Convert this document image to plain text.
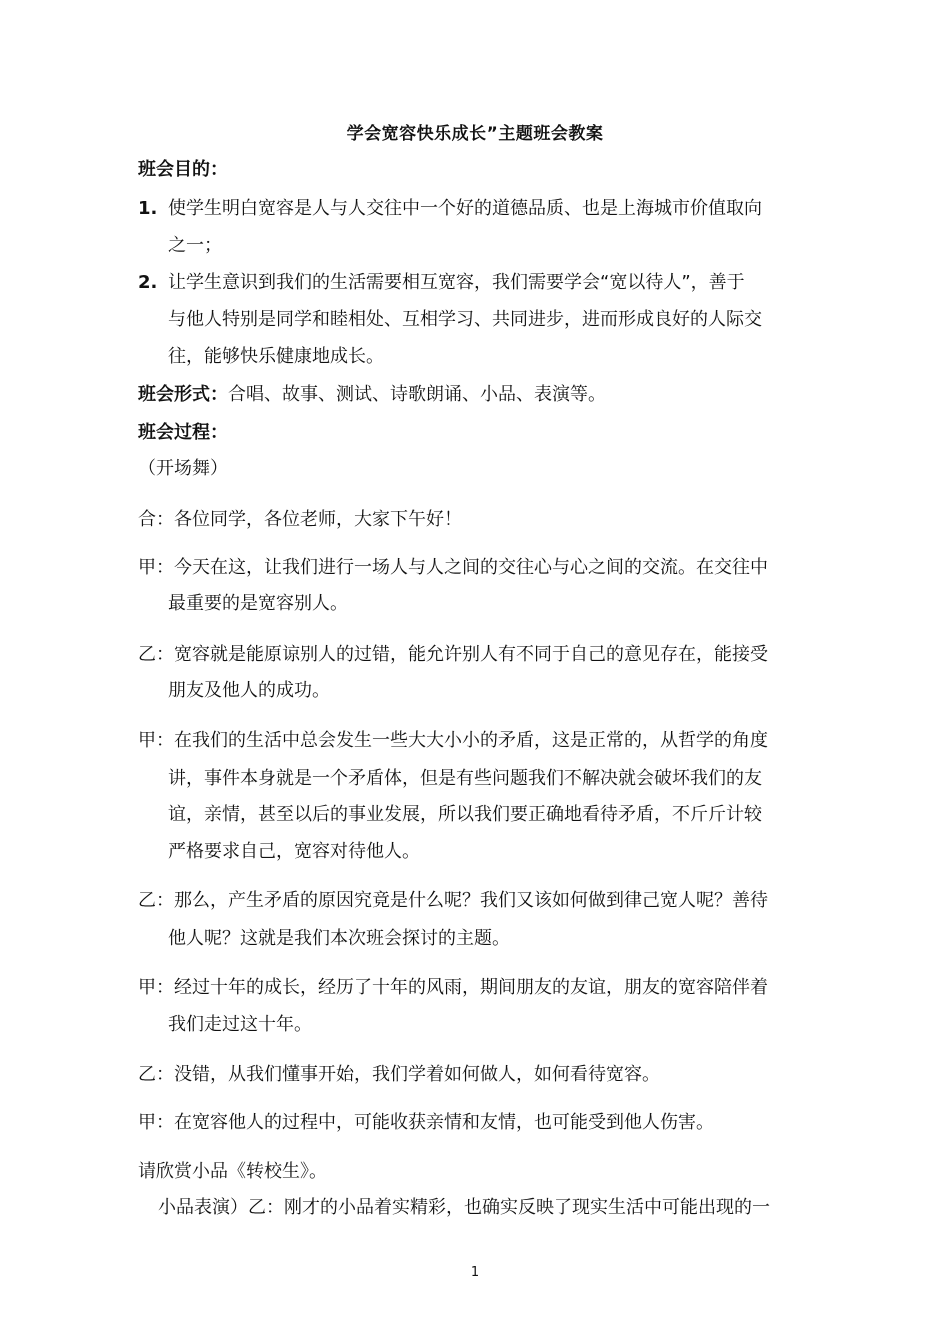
学会宽容快乐成长”主题班会教案
班会目的：
1. 使学生明白宽容是人与人交往中一个好的道德品质、也是上海城市价值取向
之一；
2. 让学生意识到我们的生活需要相互宽容，我们需要学会“宽以待人”，善于
与他人特别是同学和睦相处、互相学习、共同进步，进而形成良好的人际交
往，能够快乐健康地成长。
班会形式：合唱、故事、测试、诗歌朗诵、小品、表演等。
班会过程：
（开场舞）
合：各位同学，各位老师，大家下午好！
甲：今天在这，让我们进行一场人与人之间的交往心与心之间的交流。在交往中
最重要的是宽容别人。
乙：宽容就是能原谅别人的过错，能允许别人有不同于自己的意见存在，能接受
朋友及他人的成功。
甲：在我们的生活中总会发生一些大大小小的矛盾，这是正常的，从哲学的角度
讲，事件本身就是一个矛盾体，但是有些问题我们不解决就会破坏我们的友
谊，亲情，甚至以后的事业发展，所以我们要正确地看待矛盾，不斤斤计较
严格要求自己，宽容对待他人。
乙：那么，产生矛盾的原因究竟是什么呢？我们又该如何做到律己宽人呢？善待
他人呢？这就是我们本次班会探讨的主题。
甲：经过十年的成长，经历了十年的风雨，期间朋友的友谊，朋友的宽容陪伴着
我们走过这十年。
乙：没错，从我们懂事开始，我们学着如何做人，如何看待宽容。
甲：在宽容他人的过程中，可能收获亲情和友情，也可能受到他人伤害。
请欣赏小品《转校生》。
小品表演）乙：刚才的小品着实精彩，也确实反映了现实生活中可能出现的一
1
